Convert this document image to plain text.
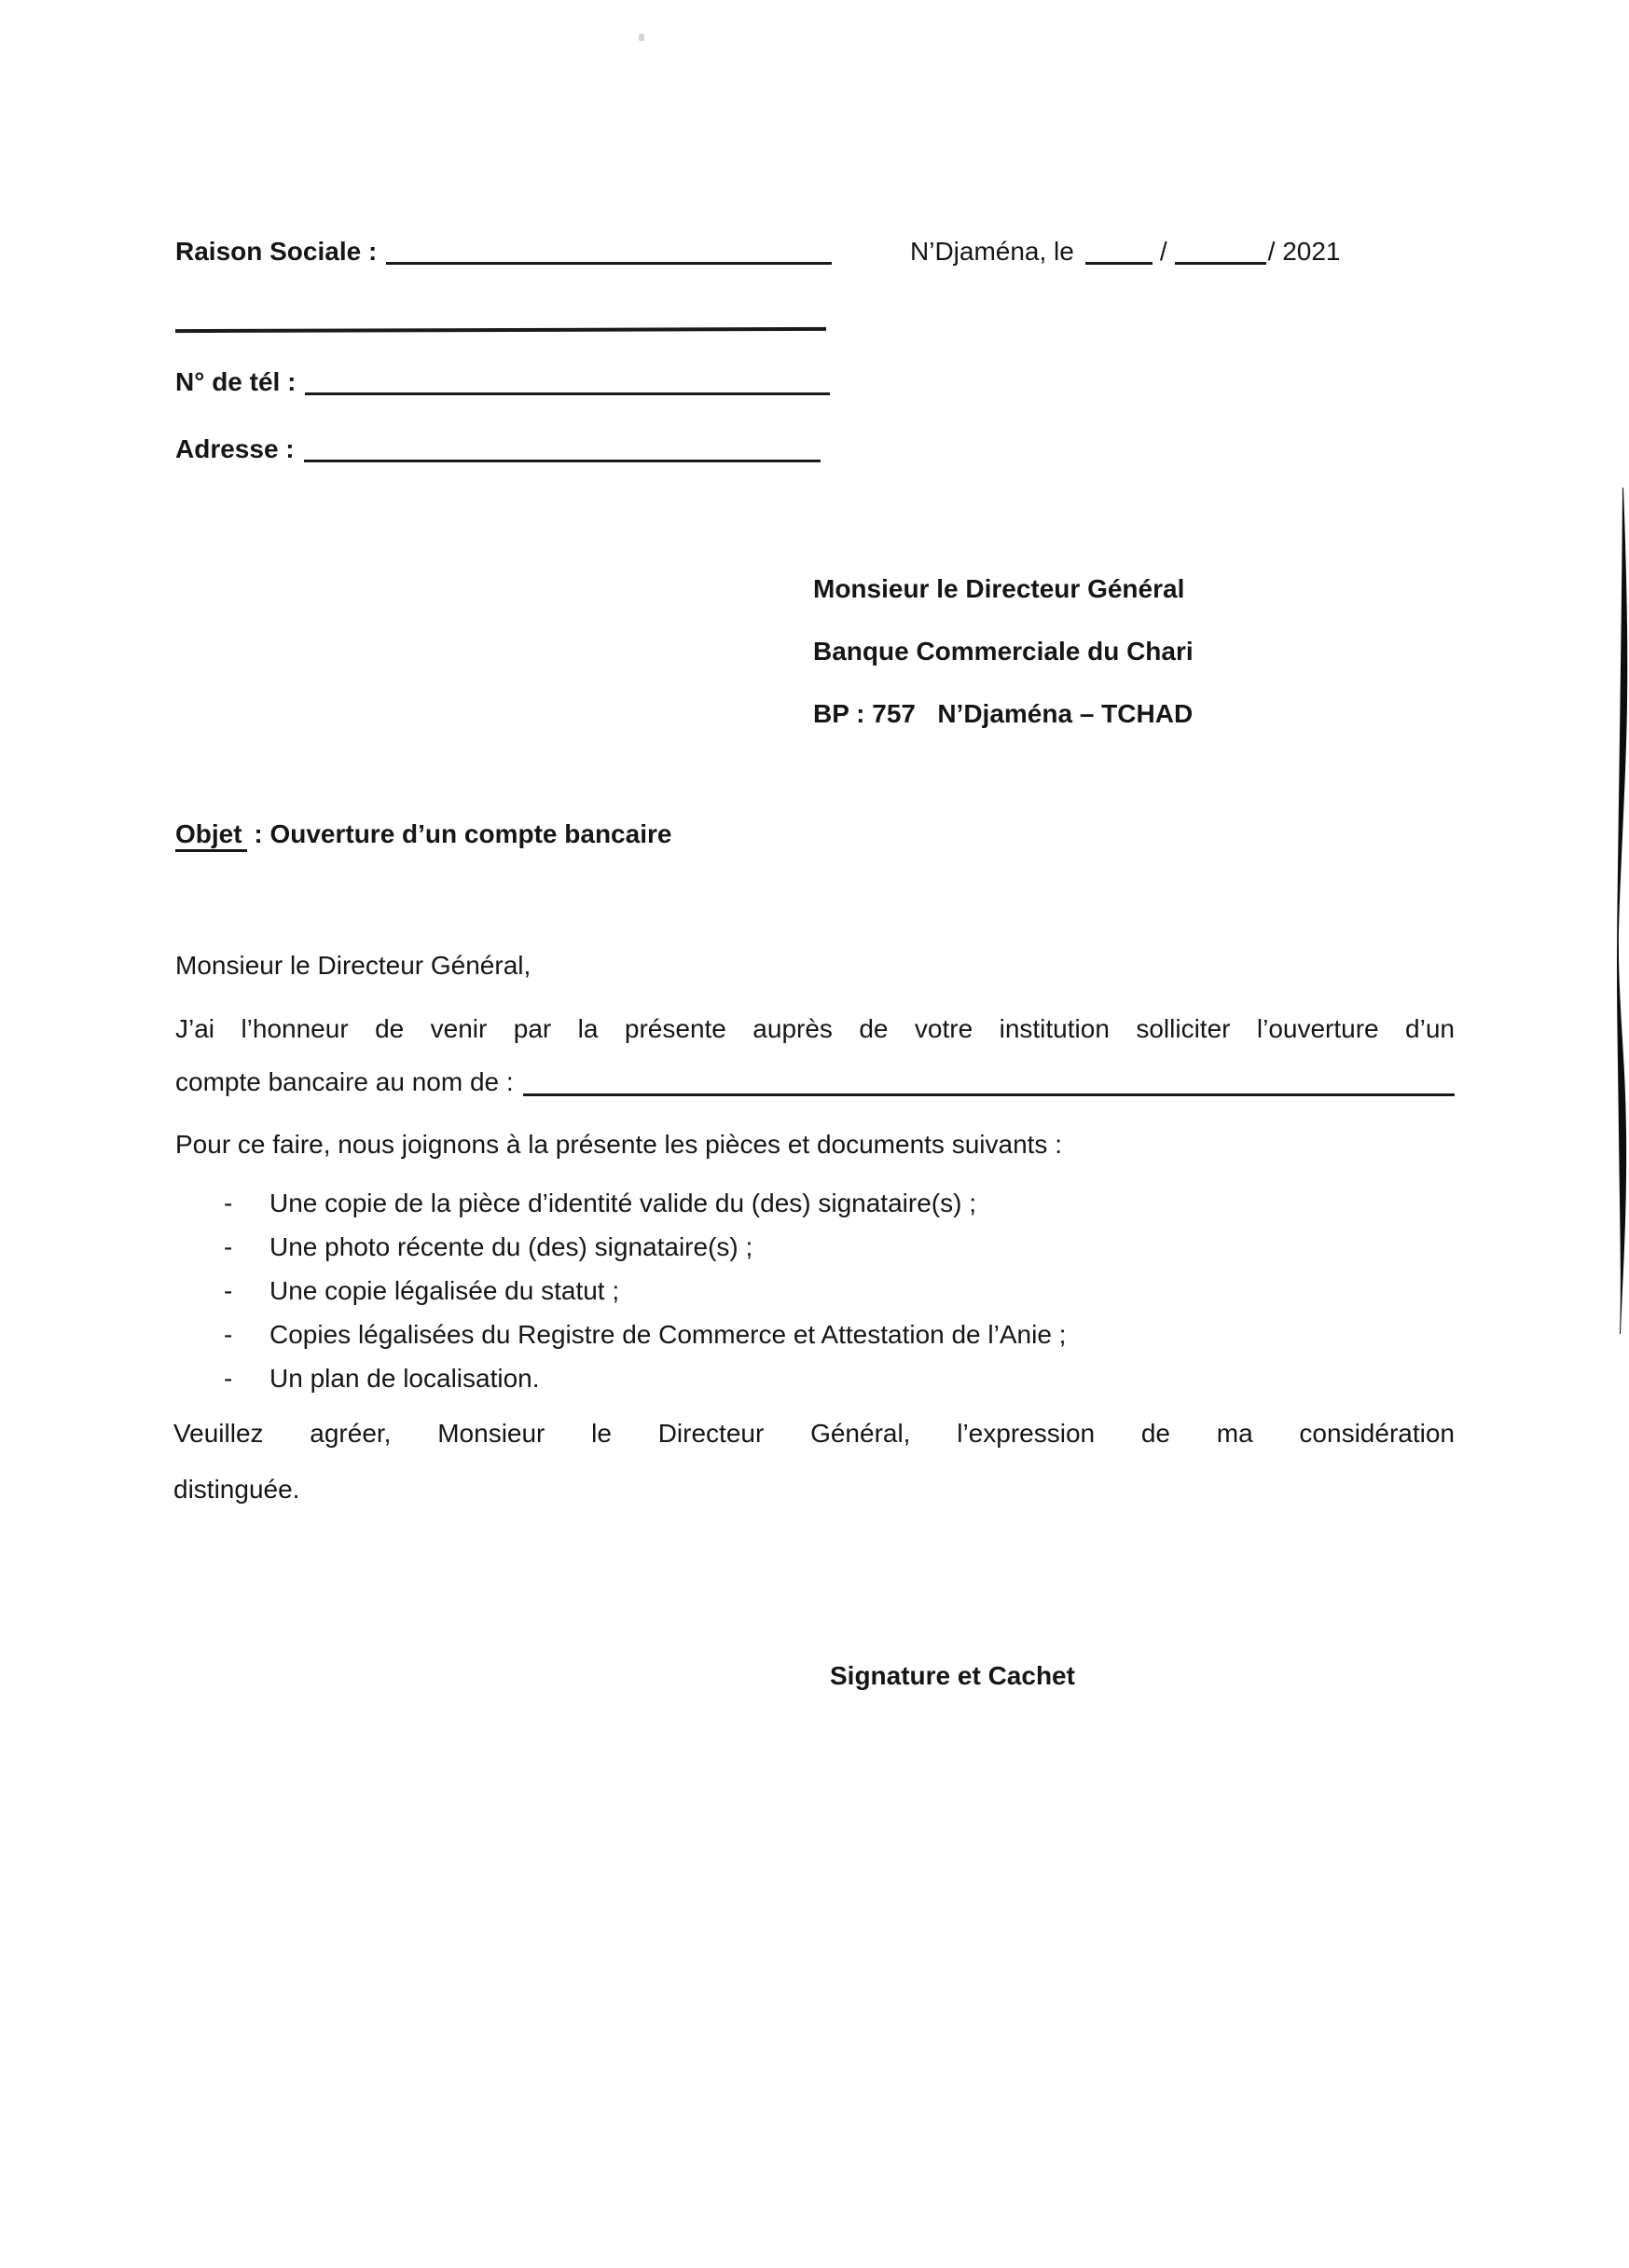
Raison Sociale :	N’Djaména, le	/	/ 2021
N° de tél :
Adresse :
Monsieur le Directeur Général
Banque Commerciale du Chari
BP : 757   N’Djaména – TCHAD
Objet : Ouverture d’un compte bancaire
Monsieur le Directeur Général,
J’ai l’honneur de venir par la présente auprès de votre institution solliciter l’ouverture d’un
compte bancaire au nom de :
Pour ce faire, nous joignons à la présente les pièces et documents suivants :
-	Une copie de la pièce d’identité valide du (des) signataire(s) ;
-	Une photo récente du (des) signataire(s) ;
-	Une copie légalisée du statut ;
-	Copies légalisées du Registre de Commerce et Attestation de l’Anie ;
-	Un plan de localisation.
Veuillez agréer, Monsieur le Directeur Général, l’expression de ma considération
distinguée.
Signature et Cachet
